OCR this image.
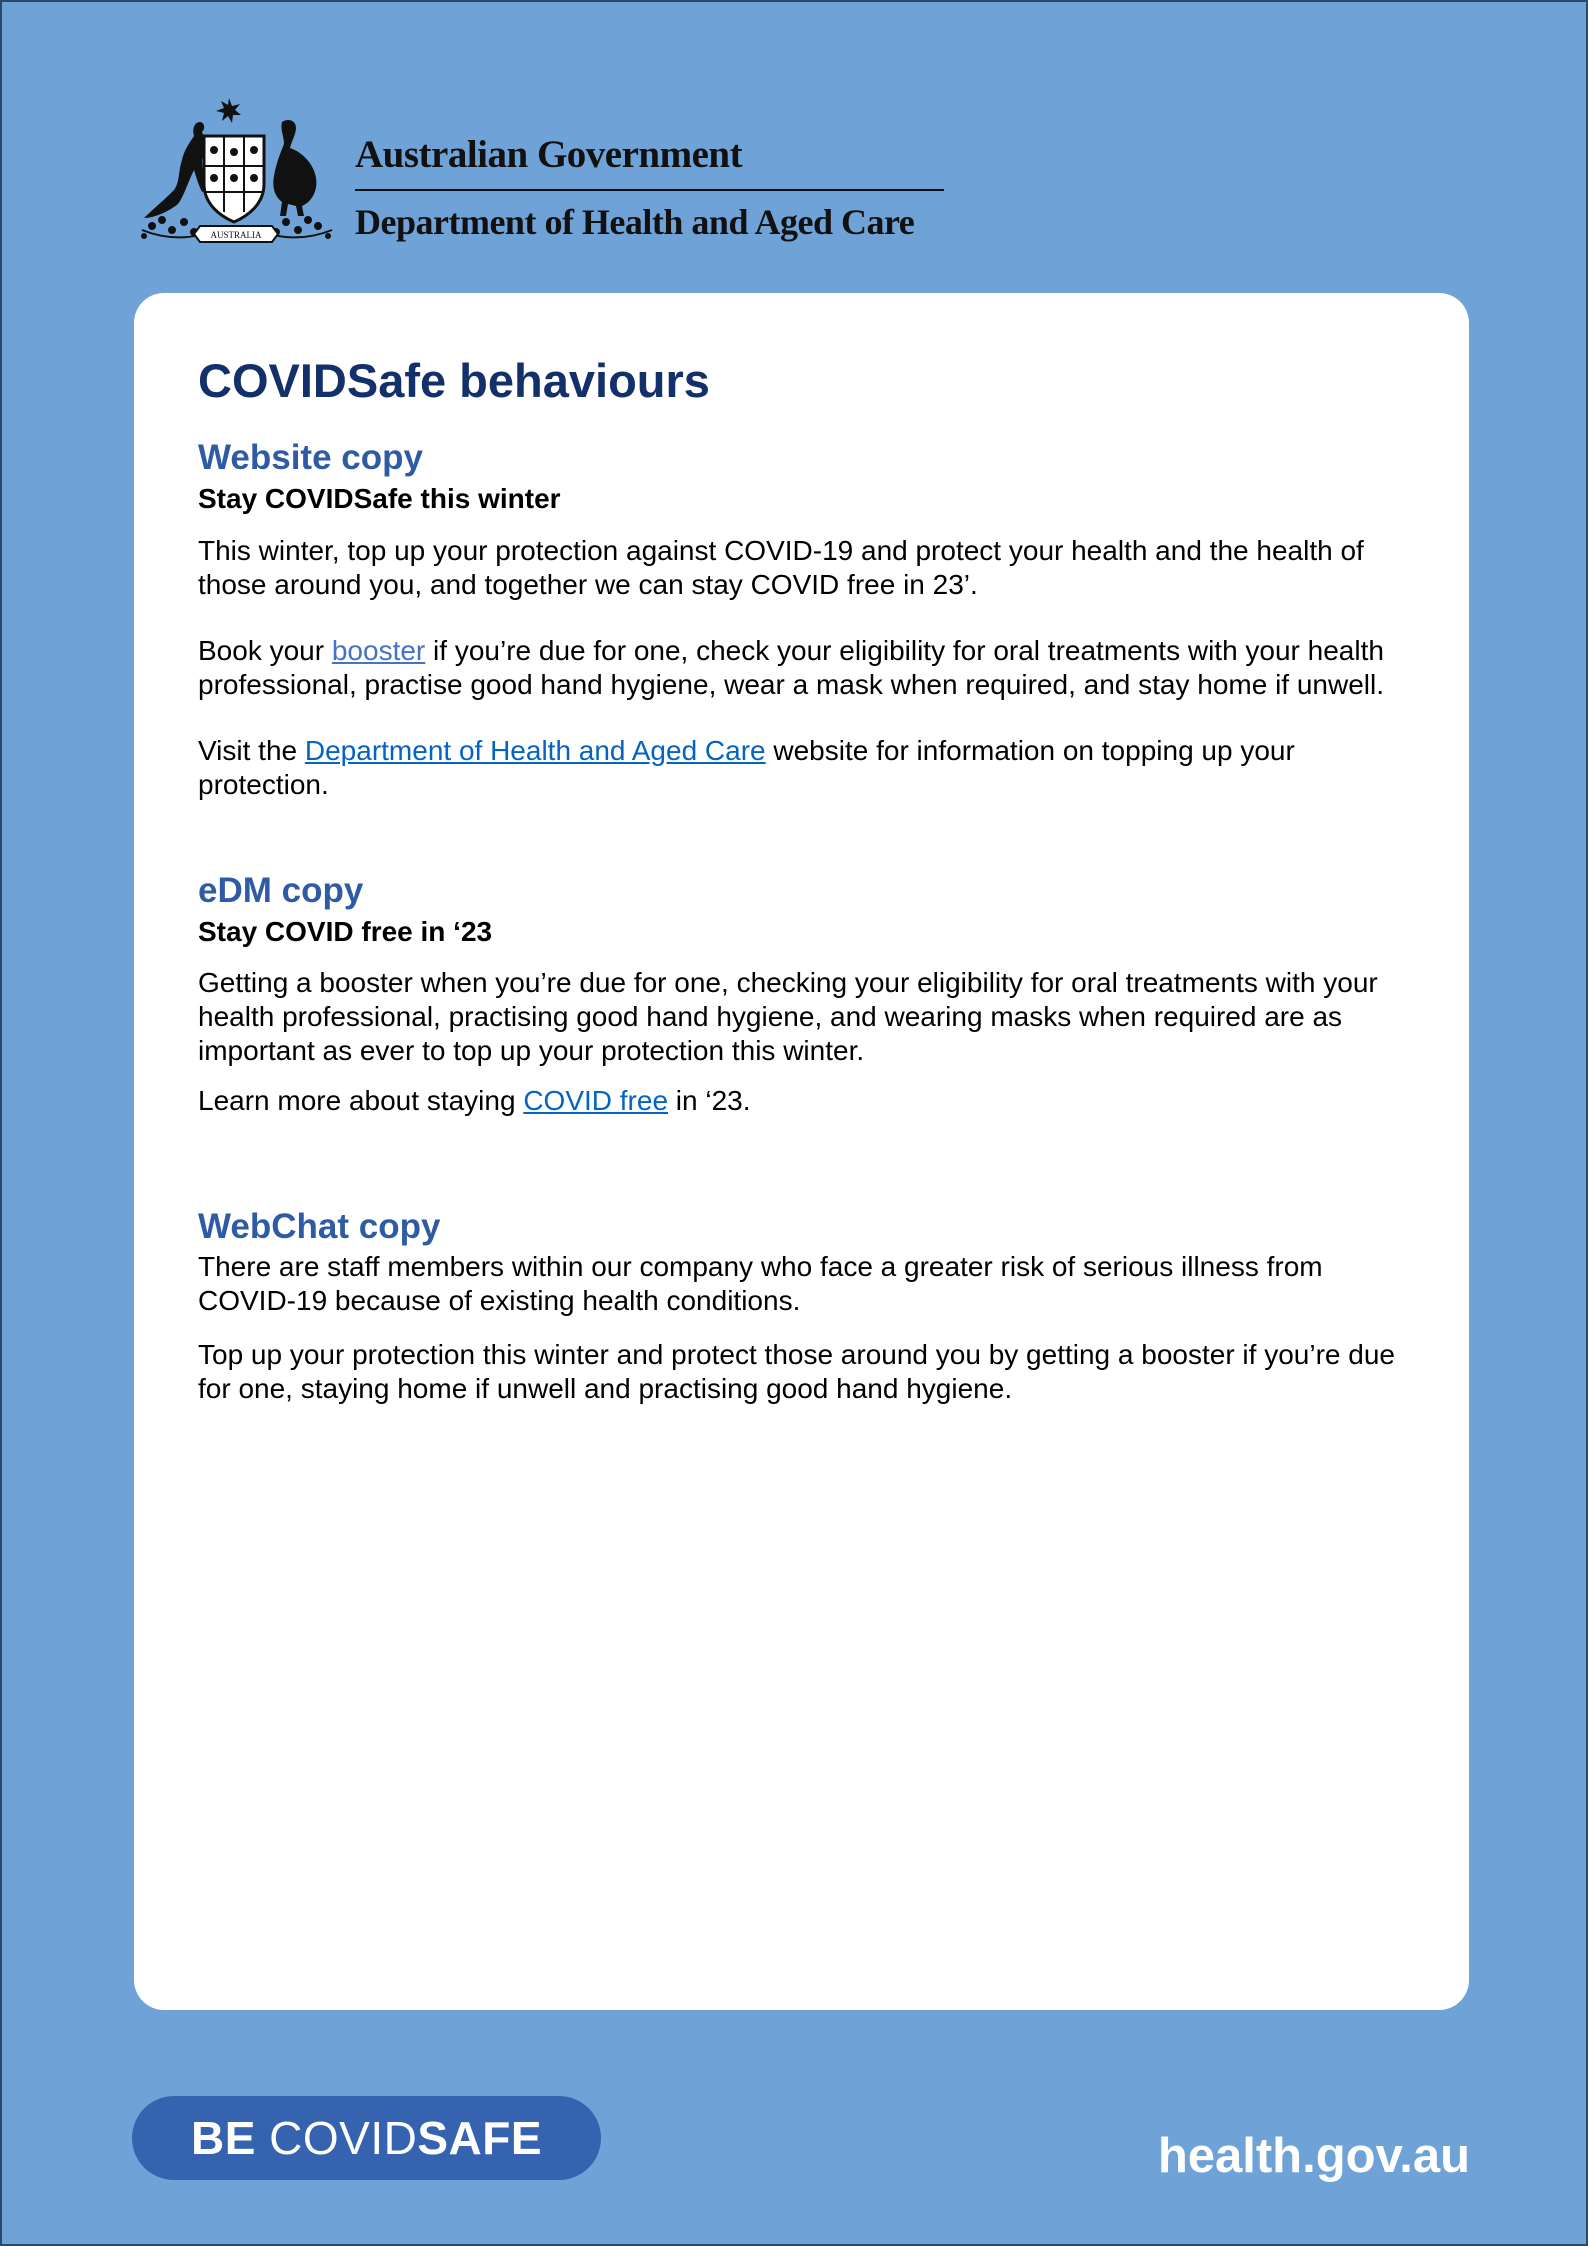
AUSTRALIA
Australian Government
Department of Health and Aged Care
COVIDSafe behaviours
Website copy
Stay COVIDSafe this winter

This winter, top up your protection against COVID-19 and protect your health and the health of those around you, and together we can stay COVID free in 23’.

Book your booster if you’re due for one, check your eligibility for oral treatments with your health professional, practise good hand hygiene, wear a mask when required, and stay home if unwell.

Visit the Department of Health and Aged Care website for information on topping up your protection.

eDM copy
Stay COVID free in ‘23

Getting a booster when you’re due for one, checking your eligibility for oral treatments with your health professional, practising good hand hygiene, and wearing masks when required are as important as ever to top up your protection this winter.

Learn more about staying COVID free in ‘23.

WebChat copy

There are staff members within our company who face a greater risk of serious illness from COVID-19 because of existing health conditions.

Top up your protection this winter and protect those around you by getting a booster if you’re due for one, staying home if unwell and practising good hand hygiene.

BE
COVID SAFE	health.gov.au
